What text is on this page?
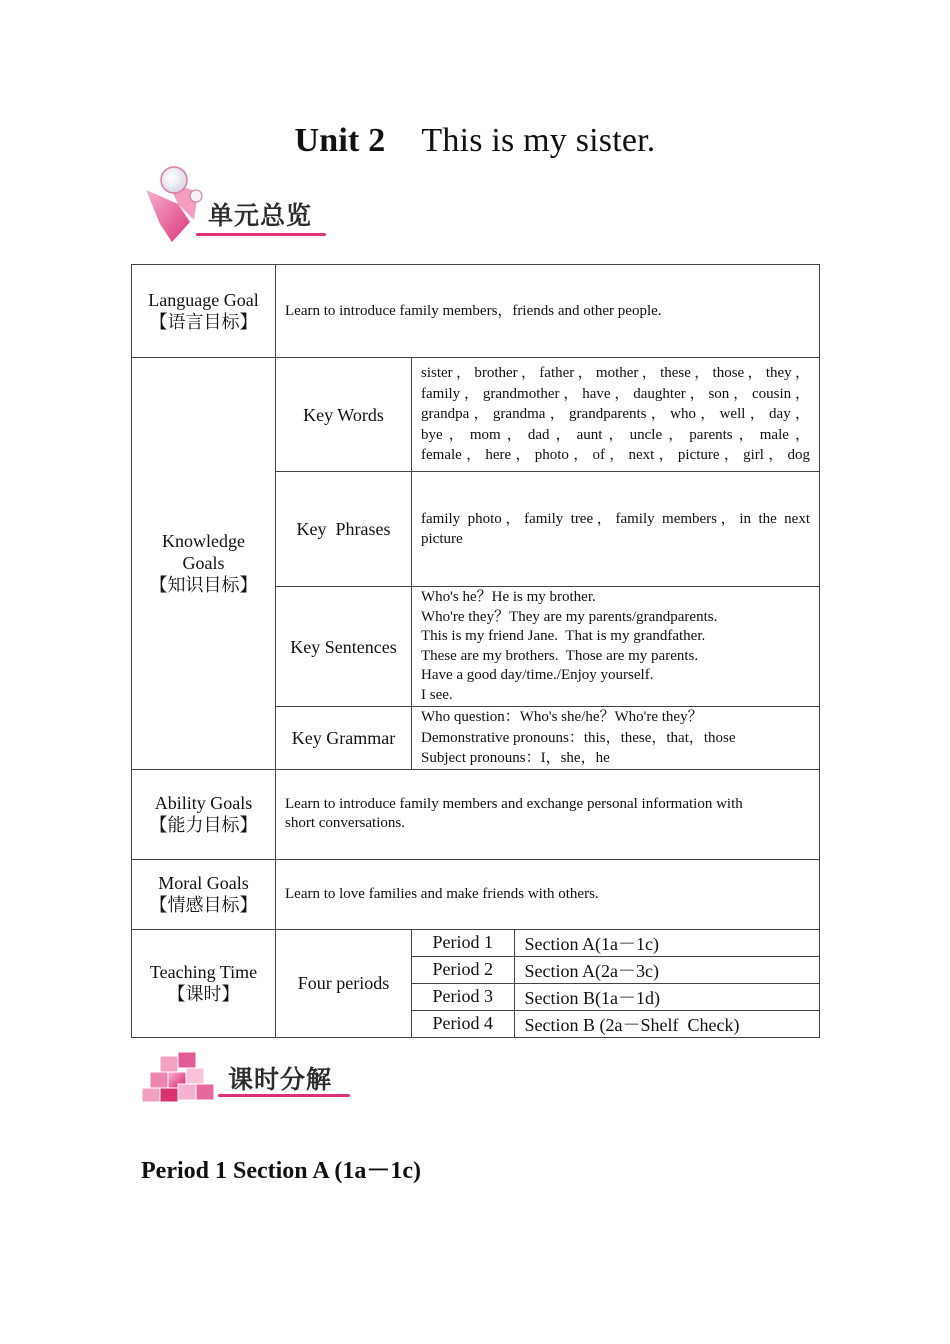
Unit 2 This is my sister.
单元总览
Language Goal
【语言目标】
	Learn to introduce family members，friends and other people.

Knowledge
Goals
【知识目标】
	Key Words	
sister，brother，father，mother，these，those，they，
family，grandmother，have，daughter，son，cousin，
grandpa，grandma，grandparents，who，well，day，
bye，mom，dad，aunt，uncle，parents，male，
female，here，photo，of，next，picture，girl，dog

Key  Phrases	
family photo，family tree，family members，in the next
picture

Key Sentences	
Who's he？He is my brother.
Who're they？They are my parents/grandparents.
This is my friend Jane.  That is my grandfather.
These are my brothers.  Those are my parents.
Have a good day/time./Enjoy yourself.
I see.

Key Grammar	
Who question：Who's she/he？Who're they？
Demonstrative pronouns：this，these，that，those
Subject pronouns：I，she，he

Ability Goals
【能力目标】

Learn to introduce family members and exchange personal information with
short conversations.

Moral Goals
【情感目标】
	Learn to love families and make friends with others.

Teaching Time
【课时】
	Four periods	
Period 1	Section A(1a－1c)
Period 2	Section A(2a－3c)
Period 3	Section B(1a－1d)
Period 4	Section B (2a－Shelf  Check)
课时分解
Period 1 Section A (1a－1c)
